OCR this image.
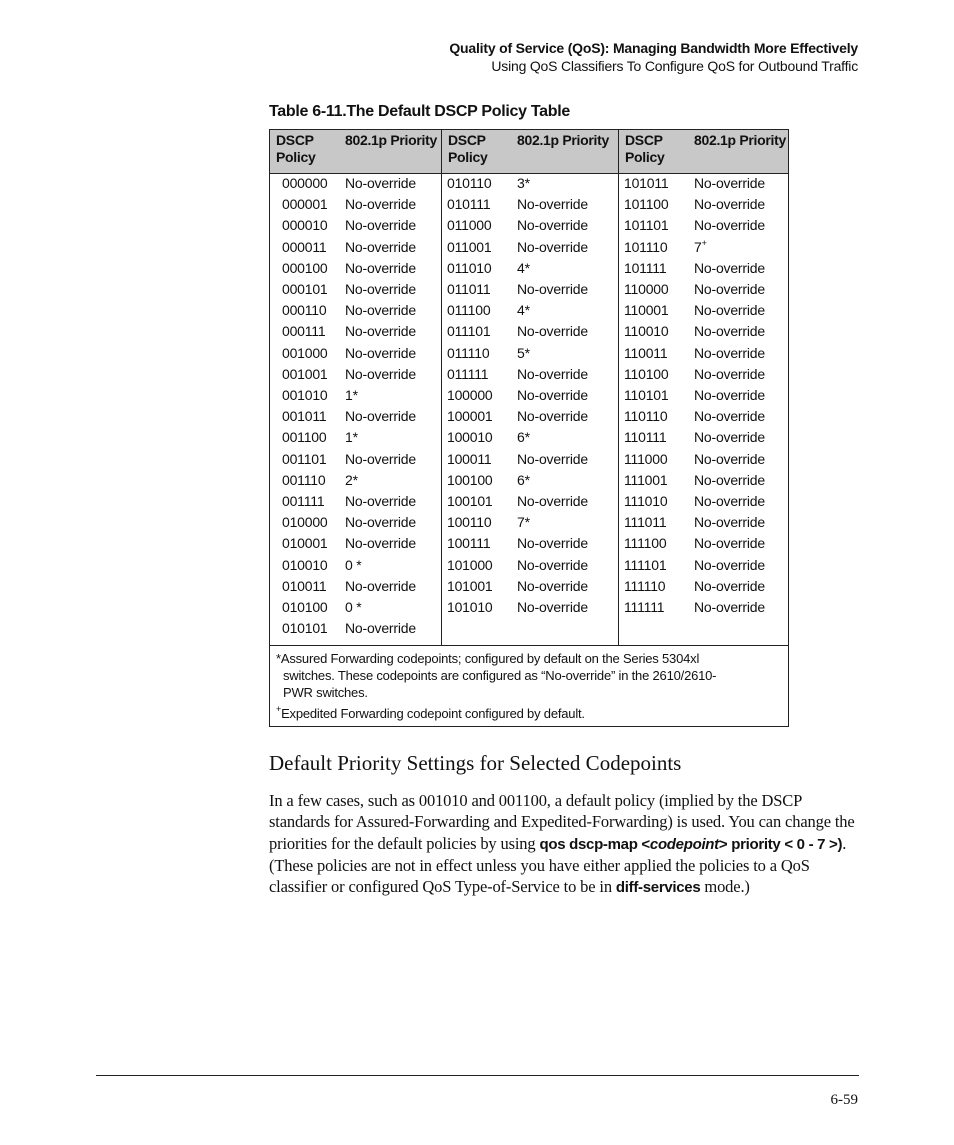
Quality of Service (QoS): Managing Bandwidth More Effectively
Using QoS Classifiers To Configure QoS for Outbound Traffic
Table 6-11.The Default DSCP Policy Table
DSCP Policy
802.1p Priority DSCP Policy
802.1p Priority	DSCP Policy
802.1p Priority
000000 No-override
000001 No-override
000010 No-override
000011 No-override
000100 No-override
000101 No-override
000110 No-override
000111 No-override
001000 No-override
001001 No-override
001010 1*
001011 No-override
001100 1*
001101 No-override
001110 2*
001111 No-override
010000 No-override
010001 No-override
010010 0 *
010011 No-override
010100 0 *
010101 No-override
010110 3*
010111 No-override
011000 No-override
011001 No-override
011010 4*
011011 No-override
011100 4*
011101 No-override
011110 5*
011111 No-override
100000 No-override
100001 No-override
100010 6*
100011 No-override
100100 6*
100101 No-override
100110 7*
100111 No-override
101000 No-override
101001 No-override
101010 No-override
101011 No-override
101100 No-override
101101 No-override
101110 7+
101111 No-override
110000 No-override
110001 No-override
110010 No-override
110011 No-override
110100 No-override
110101 No-override
110110 No-override
110111 No-override
111000 No-override
111001 No-override
111010 No-override
111011 No-override
111100 No-override
111101 No-override
111110 No-override
111111 No-override
*Assured Forwarding codepoints; configured by default on the Series 5304xl
switches. These codepoints are configured as “No-override” in the 2610/2610-
PWR switches.
+Expedited Forwarding codepoint configured by default.
Default Priority Settings for Selected Codepoints
In a few cases, such as 001010 and 001100, a default policy (implied by the DSCP standards for Assured-Forwarding and Expedited-Forwarding) is used. You can change the priorities for the default policies by using qos dscp-map <codepoint> priority < 0 - 7 >).(These policies are not in effect unless you have either applied the policies to a QoS classifier or configured QoS Type-of-Service to be in diff-services mode.)
6-59
